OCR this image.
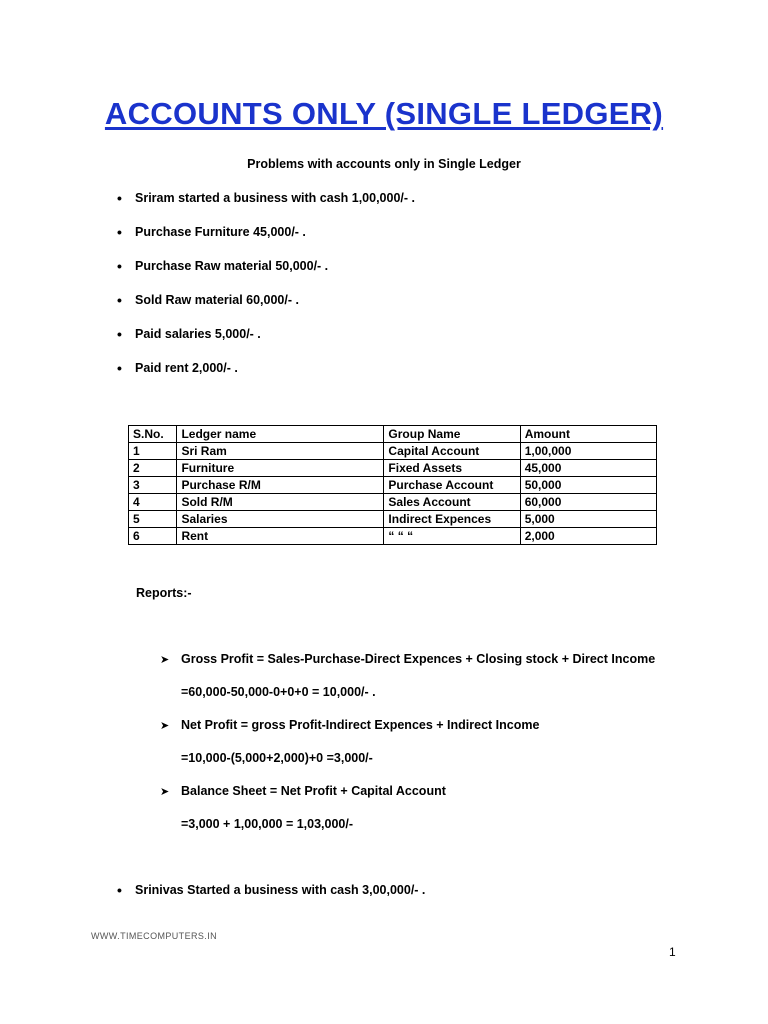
ACCOUNTS ONLY (SINGLE LEDGER)
Problems with accounts only in Single Ledger
• Sriram started a business with cash 1,00,000/- .
• Purchase Furniture 45,000/- .
• Purchase Raw material 50,000/- .
• Sold Raw material 60,000/- .
• Paid salaries 5,000/- .
• Paid rent 2,000/- .
S.No.	Ledger name	Group Name	Amount
1	Sri Ram	Capital Account	1,00,000
2	Furniture	Fixed Assets	45,000
3	Purchase R/M	Purchase Account	50,000
4	Sold R/M	Sales Account	60,000
5	Salaries	Indirect Expences	5,000
6	Rent	“ “ “	2,000
Reports:-
➤ Gross Profit = Sales-Purchase-Direct Expences + Closing stock + Direct Income
=60,000-50,000-0+0+0 = 10,000/- .
➤ Net Profit = gross Profit-Indirect Expences + Indirect Income
=10,000-(5,000+2,000)+0 =3,000/-
➤ Balance Sheet = Net Profit + Capital Account
=3,000 + 1,00,000 = 1,03,000/-
• Srinivas Started a business with cash 3,00,000/- .
WWW.TIMECOMPUTERS.IN
1
